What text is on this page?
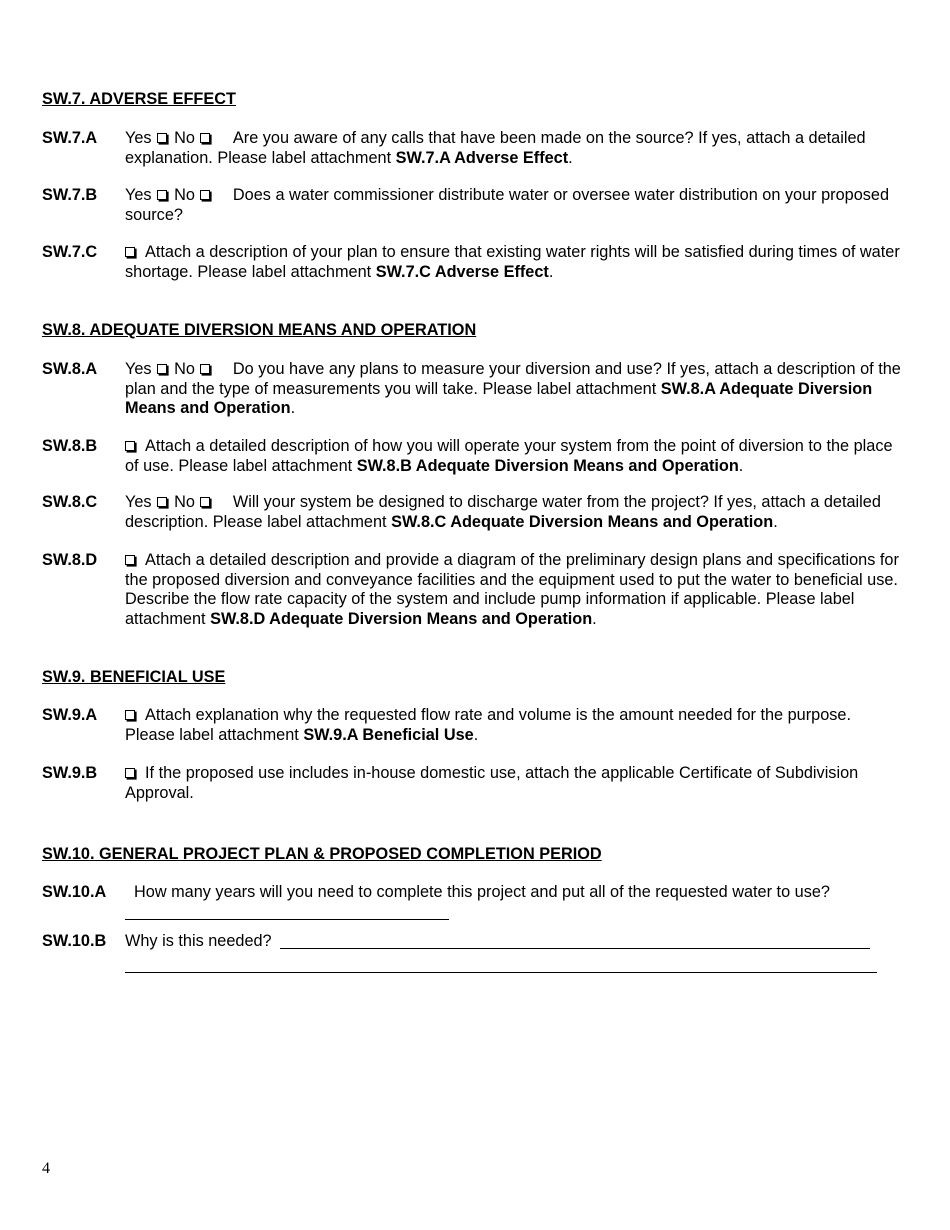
SW.7. ADVERSE EFFECT
SW.7.A Yes No Are you aware of any calls that have been made on the source? If yes, attach a detailed explanation. Please label attachment SW.7.A Adverse Effect.
SW.7.B Yes No Does a water commissioner distribute water or oversee water distribution on your proposed source?
SW.7.C	Attach a description of your plan to ensure that existing water rights will be satisfied during times of water shortage. Please label attachment SW.7.C Adverse Effect.
SW.8. ADEQUATE DIVERSION MEANS AND OPERATION
SW.8.A Yes No Do you have any plans to measure your diversion and use? If yes, attach a description of the plan and the type of measurements you will take. Please label attachment SW.8.A Adequate Diversion Means and Operation.
SW.8.B	Attach a detailed description of how you will operate your system from the point of diversion to the place of use. Please label attachment SW.8.B Adequate Diversion Means and Operation.
SW.8.C Yes No Will your system be designed to discharge water from the project? If yes, attach a detailed description. Please label attachment SW.8.C Adequate Diversion Means and Operation.
SW.8.D	Attach a detailed description and provide a diagram of the preliminary design plans and specifications for the proposed diversion and conveyance facilities and the equipment used to put the water to beneficial use. Describe the flow rate capacity of the system and include pump information if applicable. Please label attachment SW.8.D Adequate Diversion Means and Operation.
SW.9. BENEFICIAL USE
SW.9.A	Attach explanation why the requested flow rate and volume is the amount needed for the purpose. Please label attachment SW.9.A Beneficial Use.
SW.9.B	If the proposed use includes in-house domestic use, attach the applicable Certificate of Subdivision Approval.
SW.10. GENERAL PROJECT PLAN & PROPOSED COMPLETION PERIOD
SW.10.A How many years will you need to complete this project and put all of the requested water to use?
SW.10.B Why is this needed?
4
